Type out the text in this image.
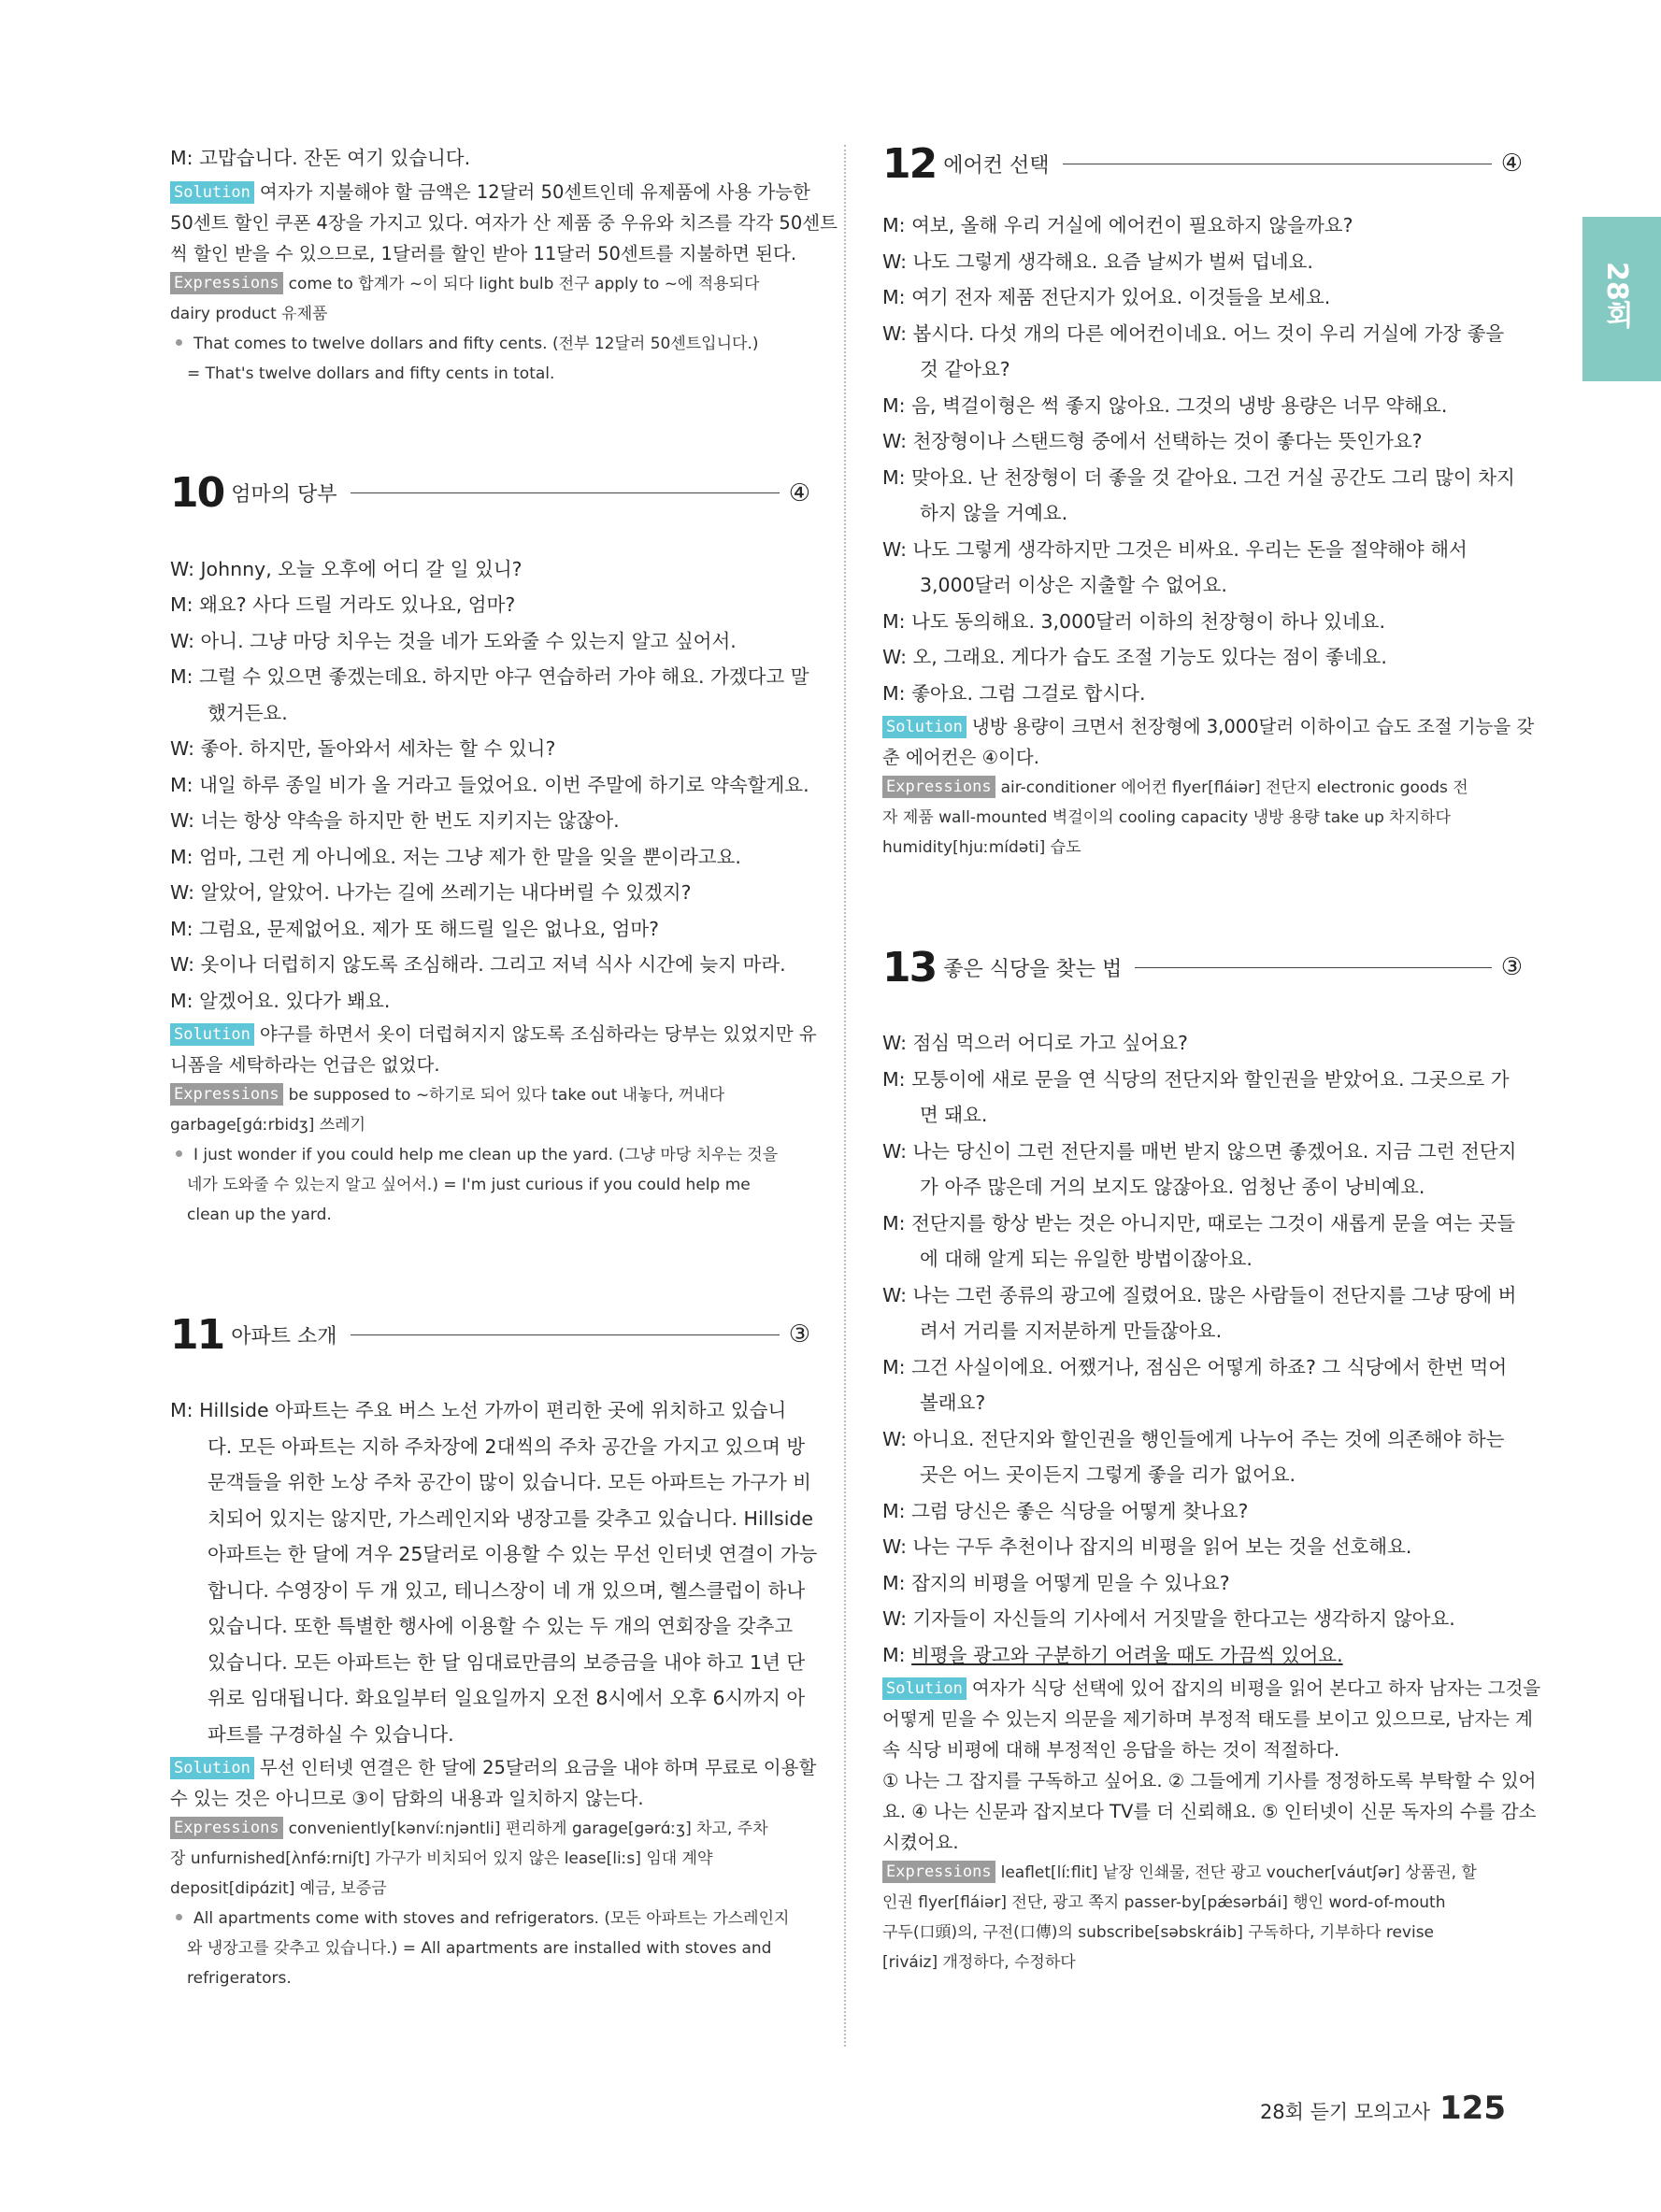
28회
M: 고맙습니다. 잔돈 여기 있습니다.
Solution 여자가 지불해야 할 금액은 12달러 50센트인데 유제품에 사용 가능한
50센트 할인 쿠폰 4장을 가지고 있다. 여자가 산 제품 중 우유와 치즈를 각각 50센트
씩 할인 받을 수 있으므로, 1달러를 할인 받아 11달러 50센트를 지불하면 된다.
Expressions come to 합계가 ~이 되다 light bulb 전구 apply to ~에 적용되다
dairy product 유제품
That comes to twelve dollars and fifty cents. (전부 12달러 50센트입니다.)
= That's twelve dollars and fifty cents in total.
10 엄마의 당부	④
W: Johnny, 오늘 오후에 어디 갈 일 있니?
M: 왜요? 사다 드릴 거라도 있나요, 엄마?
W: 아니. 그냥 마당 치우는 것을 네가 도와줄 수 있는지 알고 싶어서.
M: 그럴 수 있으면 좋겠는데요. 하지만 야구 연습하러 가야 해요. 가겠다고 말
했거든요.
W: 좋아. 하지만, 돌아와서 세차는 할 수 있니?
M: 내일 하루 종일 비가 올 거라고 들었어요. 이번 주말에 하기로 약속할게요.
W: 너는 항상 약속을 하지만 한 번도 지키지는 않잖아.
M: 엄마, 그런 게 아니에요. 저는 그냥 제가 한 말을 잊을 뿐이라고요.
W: 알았어, 알았어. 나가는 길에 쓰레기는 내다버릴 수 있겠지?
M: 그럼요, 문제없어요. 제가 또 해드릴 일은 없나요, 엄마?
W: 옷이나 더럽히지 않도록 조심해라. 그리고 저녁 식사 시간에 늦지 마라.
M: 알겠어요. 있다가 봬요.
Solution 야구를 하면서 옷이 더럽혀지지 않도록 조심하라는 당부는 있었지만 유
니폼을 세탁하라는 언급은 없었다.
Expressions be supposed to ~하기로 되어 있다 take out 내놓다, 꺼내다
garbage[gɑ́ːrbidʒ] 쓰레기
I just wonder if you could help me clean up the yard. (그냥 마당 치우는 것을
네가 도와줄 수 있는지 알고 싶어서.) = I'm just curious if you could help me
clean up the yard.
11 아파트 소개	③
M: Hillside 아파트는 주요 버스 노선 가까이 편리한 곳에 위치하고 있습니
다. 모든 아파트는 지하 주차장에 2대씩의 주차 공간을 가지고 있으며 방
문객들을 위한 노상 주차 공간이 많이 있습니다. 모든 아파트는 가구가 비
치되어 있지는 않지만, 가스레인지와 냉장고를 갖추고 있습니다. Hillside
아파트는 한 달에 겨우 25달러로 이용할 수 있는 무선 인터넷 연결이 가능
합니다. 수영장이 두 개 있고, 테니스장이 네 개 있으며, 헬스클럽이 하나
있습니다. 또한 특별한 행사에 이용할 수 있는 두 개의 연회장을 갖추고
있습니다. 모든 아파트는 한 달 임대료만큼의 보증금을 내야 하고 1년 단
위로 임대됩니다. 화요일부터 일요일까지 오전 8시에서 오후 6시까지 아
파트를 구경하실 수 있습니다.
Solution 무선 인터넷 연결은 한 달에 25달러의 요금을 내야 하며 무료로 이용할
수 있는 것은 아니므로 ③이 담화의 내용과 일치하지 않는다.
Expressions conveniently[kənvíːnjəntli] 편리하게 garage[gərɑ́ːʒ] 차고, 주차
장 unfurnished[ʌ̀nfə́ːrniʃt] 가구가 비치되어 있지 않은 lease[liːs] 임대 계약
deposit[dipɑ́zit] 예금, 보증금
All apartments come with stoves and refrigerators. (모든 아파트는 가스레인지
와 냉장고를 갖추고 있습니다.) = All apartments are installed with stoves and
refrigerators.
12 에어컨 선택	④
M: 여보, 올해 우리 거실에 에어컨이 필요하지 않을까요?
W: 나도 그렇게 생각해요. 요즘 날씨가 벌써 덥네요.
M: 여기 전자 제품 전단지가 있어요. 이것들을 보세요.
W: 봅시다. 다섯 개의 다른 에어컨이네요. 어느 것이 우리 거실에 가장 좋을
것 같아요?
M: 음, 벽걸이형은 썩 좋지 않아요. 그것의 냉방 용량은 너무 약해요.
W: 천장형이나 스탠드형 중에서 선택하는 것이 좋다는 뜻인가요?
M: 맞아요. 난 천장형이 더 좋을 것 같아요. 그건 거실 공간도 그리 많이 차지
하지 않을 거예요.
W: 나도 그렇게 생각하지만 그것은 비싸요. 우리는 돈을 절약해야 해서
3,000달러 이상은 지출할 수 없어요.
M: 나도 동의해요. 3,000달러 이하의 천장형이 하나 있네요.
W: 오, 그래요. 게다가 습도 조절 기능도 있다는 점이 좋네요.
M: 좋아요. 그럼 그걸로 합시다.
Solution 냉방 용량이 크면서 천장형에 3,000달러 이하이고 습도 조절 기능을 갖
춘 에어컨은 ④이다.
Expressions air-conditioner 에어컨 flyer[fláiər] 전단지 electronic goods 전
자 제품 wall-mounted 벽걸이의 cooling capacity 냉방 용량 take up 차지하다
humidity[hjuːmídəti] 습도
13 좋은 식당을 찾는 법	③
W: 점심 먹으러 어디로 가고 싶어요?
M: 모퉁이에 새로 문을 연 식당의 전단지와 할인권을 받았어요. 그곳으로 가
면 돼요.
W: 나는 당신이 그런 전단지를 매번 받지 않으면 좋겠어요. 지금 그런 전단지
가 아주 많은데 거의 보지도 않잖아요. 엄청난 종이 낭비예요.
M: 전단지를 항상 받는 것은 아니지만, 때로는 그것이 새롭게 문을 여는 곳들
에 대해 알게 되는 유일한 방법이잖아요.
W: 나는 그런 종류의 광고에 질렸어요. 많은 사람들이 전단지를 그냥 땅에 버
려서 거리를 지저분하게 만들잖아요.
M: 그건 사실이에요. 어쨌거나, 점심은 어떻게 하죠? 그 식당에서 한번 먹어
볼래요?
W: 아니요. 전단지와 할인권을 행인들에게 나누어 주는 것에 의존해야 하는
곳은 어느 곳이든지 그렇게 좋을 리가 없어요.
M: 그럼 당신은 좋은 식당을 어떻게 찾나요?
W: 나는 구두 추천이나 잡지의 비평을 읽어 보는 것을 선호해요.
M: 잡지의 비평을 어떻게 믿을 수 있나요?
W: 기자들이 자신들의 기사에서 거짓말을 한다고는 생각하지 않아요.
M: 비평을 광고와 구분하기 어려울 때도 가끔씩 있어요.
Solution 여자가 식당 선택에 있어 잡지의 비평을 읽어 본다고 하자 남자는 그것을
어떻게 믿을 수 있는지 의문을 제기하며 부정적 태도를 보이고 있으므로, 남자는 계
속 식당 비평에 대해 부정적인 응답을 하는 것이 적절하다.
① 나는 그 잡지를 구독하고 싶어요. ② 그들에게 기사를 정정하도록 부탁할 수 있어
요. ④ 나는 신문과 잡지보다 TV를 더 신뢰해요. ⑤ 인터넷이 신문 독자의 수를 감소
시켰어요.
Expressions leaflet[líːflit] 낱장 인쇄물, 전단 광고 voucher[váutʃər] 상품권, 할
인권 flyer[fláiər] 전단, 광고 쪽지 passer-by[pǽsərbái] 행인 word-of-mouth
구두(口頭)의, 구전(口傳)의 subscribe[səbskráib] 구독하다, 기부하다 revise
[riváiz] 개정하다, 수정하다
28회 듣기 모의고사 125
